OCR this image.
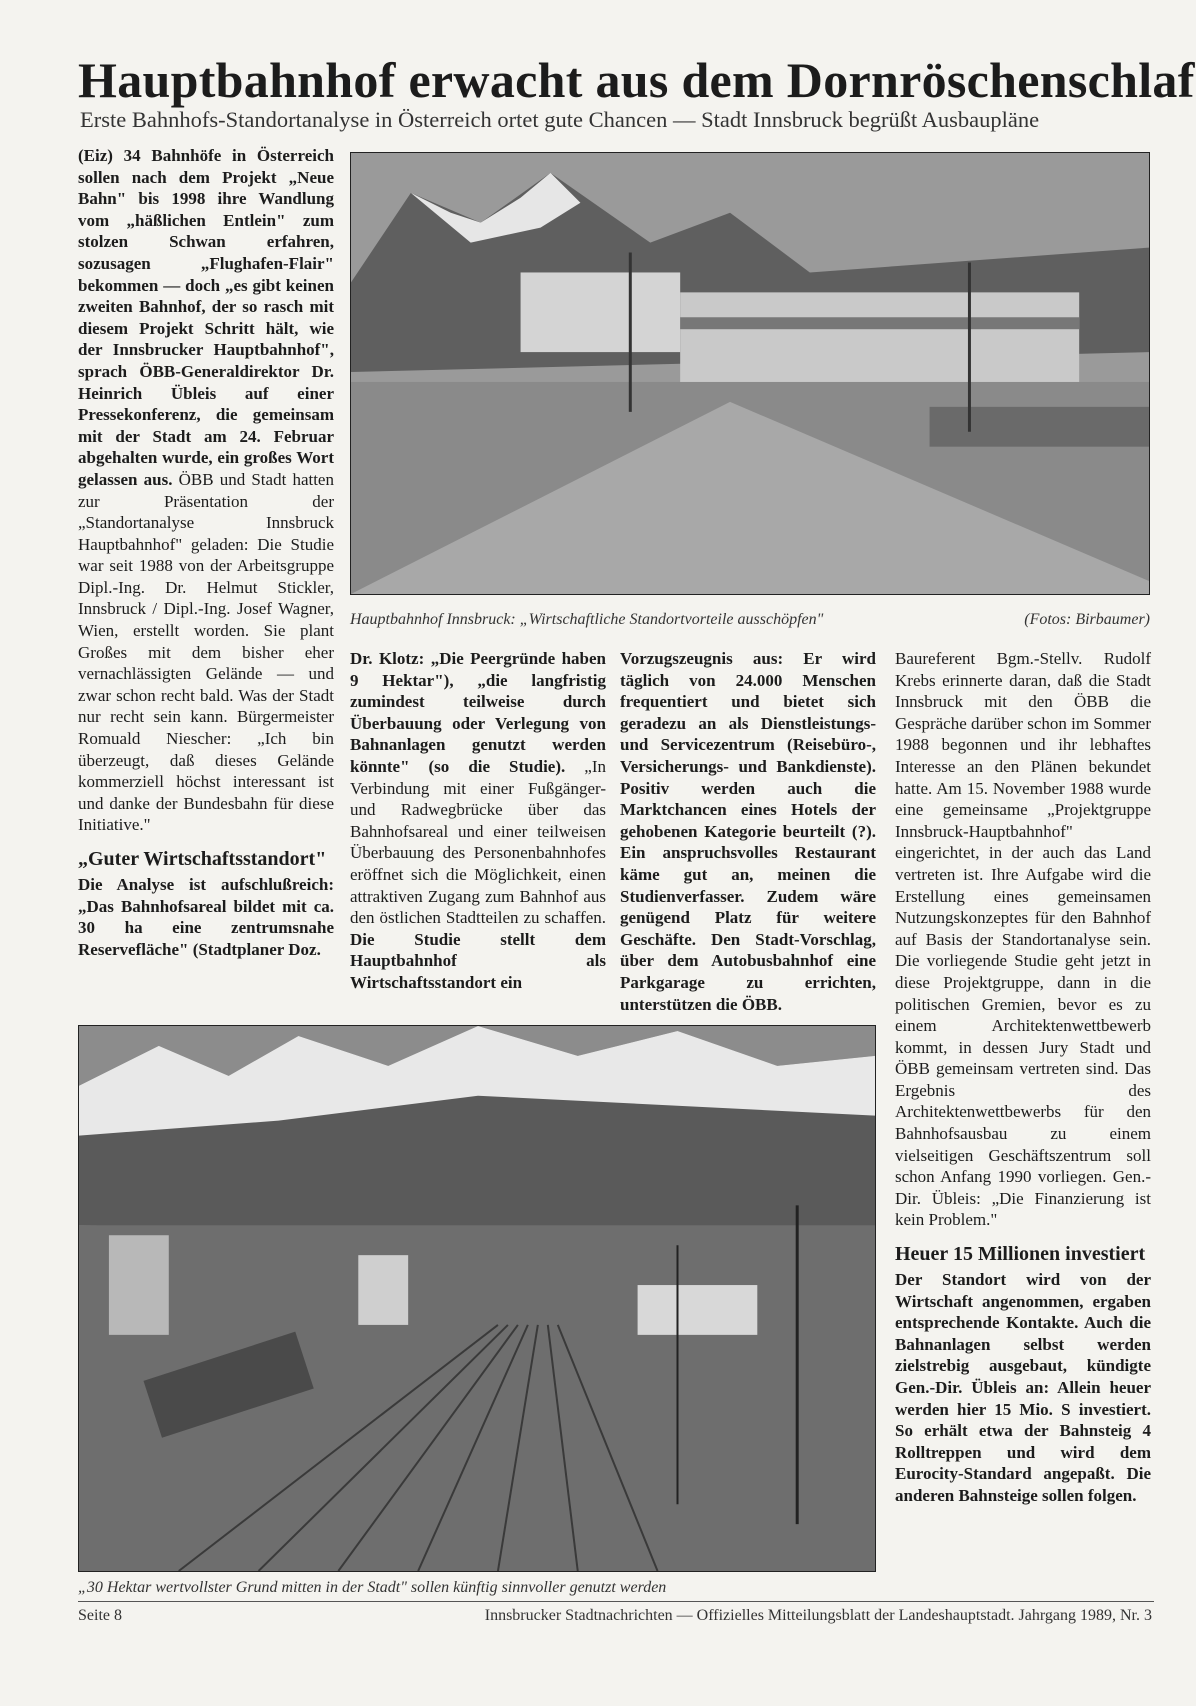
Hauptbahnhof erwacht aus dem Dornröschenschlaf
Erste Bahnhofs-Standortanalyse in Österreich ortet gute Chancen — Stadt Innsbruck begrüßt Ausbaupläne

(Eiz) 34 Bahnhöfe in Österreich sollen nach dem Projekt „Neue Bahn" bis 1998 ihre Wandlung vom „häßlichen Entlein" zum stolzen Schwan erfahren, sozusagen „Flughafen-Flair" bekommen — doch „es gibt keinen zweiten Bahnhof, der so rasch mit diesem Projekt Schritt hält, wie der Innsbrucker Hauptbahnhof", sprach ÖBB-Generaldirektor Dr. Heinrich Übleis auf einer Pressekonferenz, die gemeinsam mit der Stadt am 24. Februar abgehalten wurde, ein großes Wort gelassen aus. ÖBB und Stadt hatten zur Präsentation der „Standortanalyse Innsbruck Hauptbahnhof" geladen: Die Studie war seit 1988 von der Arbeitsgruppe Dipl.-Ing. Dr. Helmut Stickler, Innsbruck / Dipl.-Ing. Josef Wagner, Wien, erstellt worden. Sie plant Großes mit dem bisher eher vernachlässigten Gelände — und zwar schon recht bald. Was der Stadt nur recht sein kann. Bürgermeister Romuald Niescher: „Ich bin überzeugt, daß dieses Gelände kommerziell höchst interessant ist und danke der Bundesbahn für diese Initiative."

„Guter Wirtschaftsstandort"

Die Analyse ist aufschlußreich: „Das Bahnhofsareal bildet mit ca. 30 ha eine zentrumsnahe Reservefläche" (Stadtplaner Doz.

Hauptbahnhof Innsbruck: „Wirtschaftliche Standortvorteile ausschöpfen"	(Fotos: Birbaumer)

Dr. Klotz: „Die Peergründe haben 9 Hektar"), „die langfristig zumindest teilweise durch Überbauung oder Verlegung von Bahnanlagen genutzt werden könnte" (so die Studie). „In Verbindung mit einer Fußgänger- und Radwegbrücke über das Bahnhofsareal und einer teilweisen Überbauung des Personenbahnhofes eröffnet sich die Möglichkeit, einen attraktiven Zugang zum Bahnhof aus den östlichen Stadtteilen zu schaffen. Die Studie stellt dem Hauptbahnhof als Wirtschaftsstandort ein

Vorzugszeugnis aus: Er wird täglich von 24.000 Menschen frequentiert und bietet sich geradezu an als Dienstleistungs- und Servicezentrum (Reisebüro-, Versicherungs- und Bankdienste). Positiv werden auch die Marktchancen eines Hotels der gehobenen Kategorie beurteilt (?). Ein anspruchsvolles Restaurant käme gut an, meinen die Studienverfasser. Zudem wäre genügend Platz für weitere Geschäfte. Den Stadt-Vorschlag, über dem Autobusbahnhof eine Parkgarage zu errichten, unterstützen die ÖBB.

„30 Hektar wertvollster Grund mitten in der Stadt" sollen künftig sinnvoller genutzt werden

Baureferent Bgm.-Stellv. Rudolf Krebs erinnerte daran, daß die Stadt Innsbruck mit den ÖBB die Gespräche darüber schon im Sommer 1988 begonnen und ihr lebhaftes Interesse an den Plänen bekundet hatte. Am 15. November 1988 wurde eine gemeinsame „Projektgruppe Innsbruck-Hauptbahnhof" eingerichtet, in der auch das Land vertreten ist. Ihre Aufgabe wird die Erstellung eines gemeinsamen Nutzungskonzeptes für den Bahnhof auf Basis der Standortanalyse sein. Die vorliegende Studie geht jetzt in diese Projektgruppe, dann in die politischen Gremien, bevor es zu einem Architektenwettbewerb kommt, in dessen Jury Stadt und ÖBB gemeinsam vertreten sind. Das Ergebnis des Architektenwettbewerbs für den Bahnhofsausbau zu einem vielseitigen Geschäftszentrum soll schon Anfang 1990 vorliegen. Gen.-Dir. Übleis: „Die Finanzierung ist kein Problem."

Heuer 15 Millionen investiert

Der Standort wird von der Wirtschaft angenommen, ergaben entsprechende Kontakte. Auch die Bahnanlagen selbst werden zielstrebig ausgebaut, kündigte Gen.-Dir. Übleis an: Allein heuer werden hier 15 Mio. S investiert. So erhält etwa der Bahnsteig 4 Rolltreppen und wird dem Eurocity-Standard angepaßt. Die anderen Bahnsteige sollen folgen.

Seite 8	Innsbrucker Stadtnachrichten — Offizielles Mitteilungsblatt der Landeshauptstadt. Jahrgang 1989, Nr. 3
